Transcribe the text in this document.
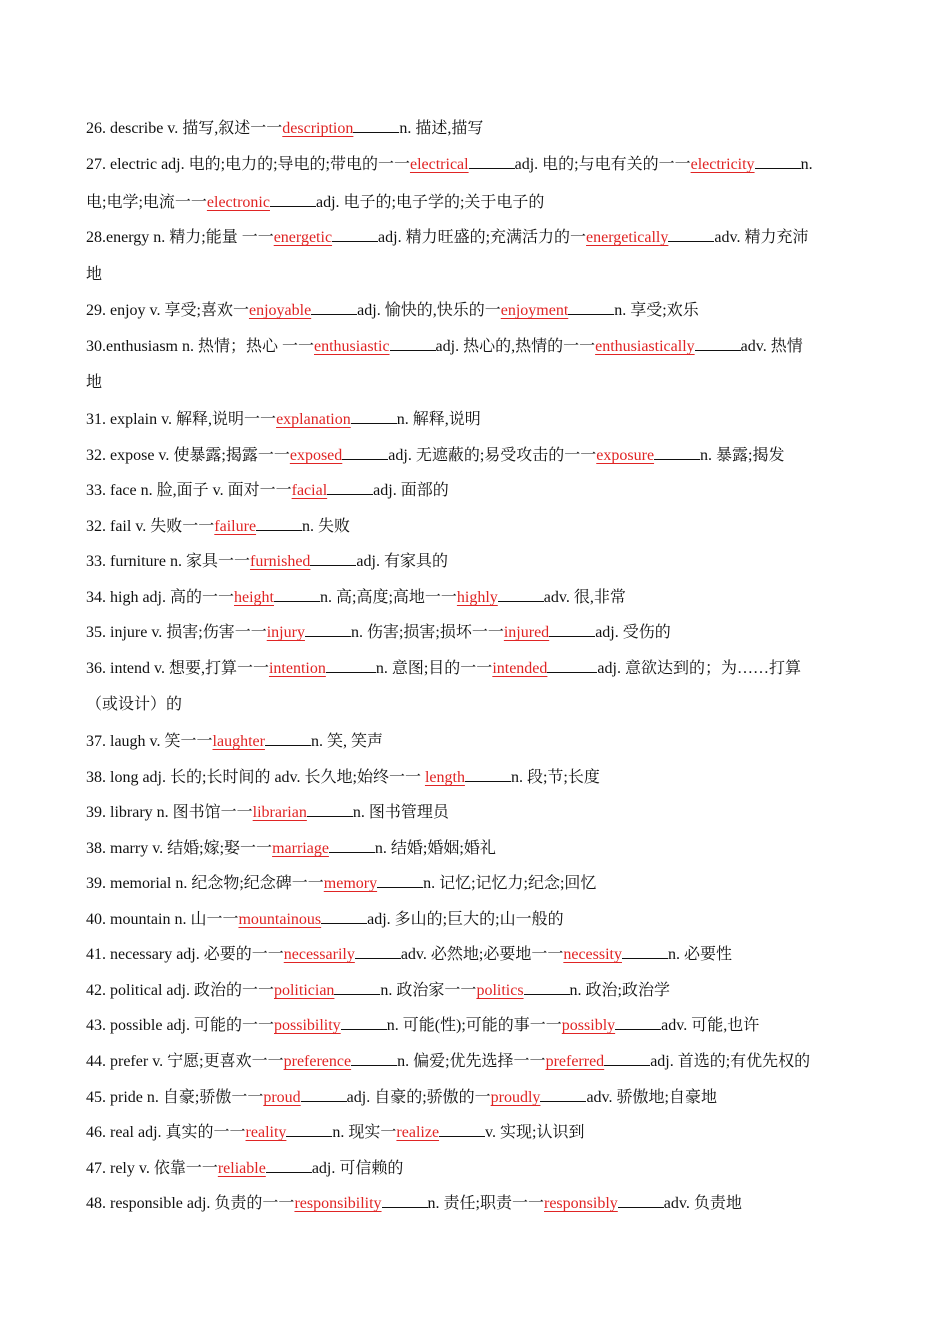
26. describe v. 描写,叙述一一description	n. 描述,描写
27. electric adj. 电的;电力的;导电的;带电的一一electrical	adj. 电的;与电有关的一一electricity	n.
电;电学;电流一一electronic	adj. 电子的;电子学的;关于电子的
28.energy n. 精力;能量 一一energetic	adj. 精力旺盛的;充满活力的一energetically	adv. 精力充沛
地
29. enjoy v. 享受;喜欢一enjoyable	adj. 愉快的,快乐的一enjoyment	n. 享受;欢乐
30.enthusiasm n. 热情；热心 一一enthusiastic	adj. 热心的,热情的一一enthusiastically	adv. 热情
地
31. explain v. 解释,说明一一explanation	n. 解释,说明
32. expose v. 使暴露;揭露一一exposed	adj. 无遮蔽的;易受攻击的一一exposure	n. 暴露;揭发
33. face n. 脸,面子 v. 面对一一facial	adj. 面部的
32. fail v. 失败一一failure	n. 失败
33. furniture n. 家具一一furnished	adj. 有家具的
34. high adj. 高的一一height	n. 高;高度;高地一一highly	adv. 很,非常
35. injure v. 损害;伤害一一injury	n. 伤害;损害;损坏一一injured	adj. 受伤的
36. intend v. 想要,打算一一intention	n. 意图;目的一一intended	adj. 意欲达到的；为……打算
（或设计）的
37. laugh v. 笑一一laughter	n. 笑, 笑声
38. long adj. 长的;长时间的 adv. 长久地;始终一一 length	n. 段;节;长度
39. library n. 图书馆一一librarian	n. 图书管理员
38. marry v. 结婚;嫁;娶一一marriage	n. 结婚;婚姻;婚礼
39. memorial n. 纪念物;纪念碑一一memory	n. 记忆;记忆力;纪念;回忆
40. mountain n. 山一一mountainous	adj. 多山的;巨大的;山一般的
41. necessary adj. 必要的一一necessarily	adv. 必然地;必要地一一necessity	n. 必要性
42. political adj. 政治的一一politician	n. 政治家一一politics	n. 政治;政治学
43. possible adj. 可能的一一possibility	n. 可能(性);可能的事一一possibly	adv. 可能,也许
44. prefer v. 宁愿;更喜欢一一preference	n. 偏爱;优先选择一一preferred	adj. 首选的;有优先权的
45. pride n. 自豪;骄傲一一proud	adj. 自豪的;骄傲的一proudly	adv. 骄傲地;自豪地
46. real adj. 真实的一一reality	n. 现实一realize	v. 实现;认识到
47. rely v. 依靠一一reliable	adj. 可信赖的
48. responsible adj. 负责的一一responsibility	n. 责任;职责一一responsibly	adv. 负责地
